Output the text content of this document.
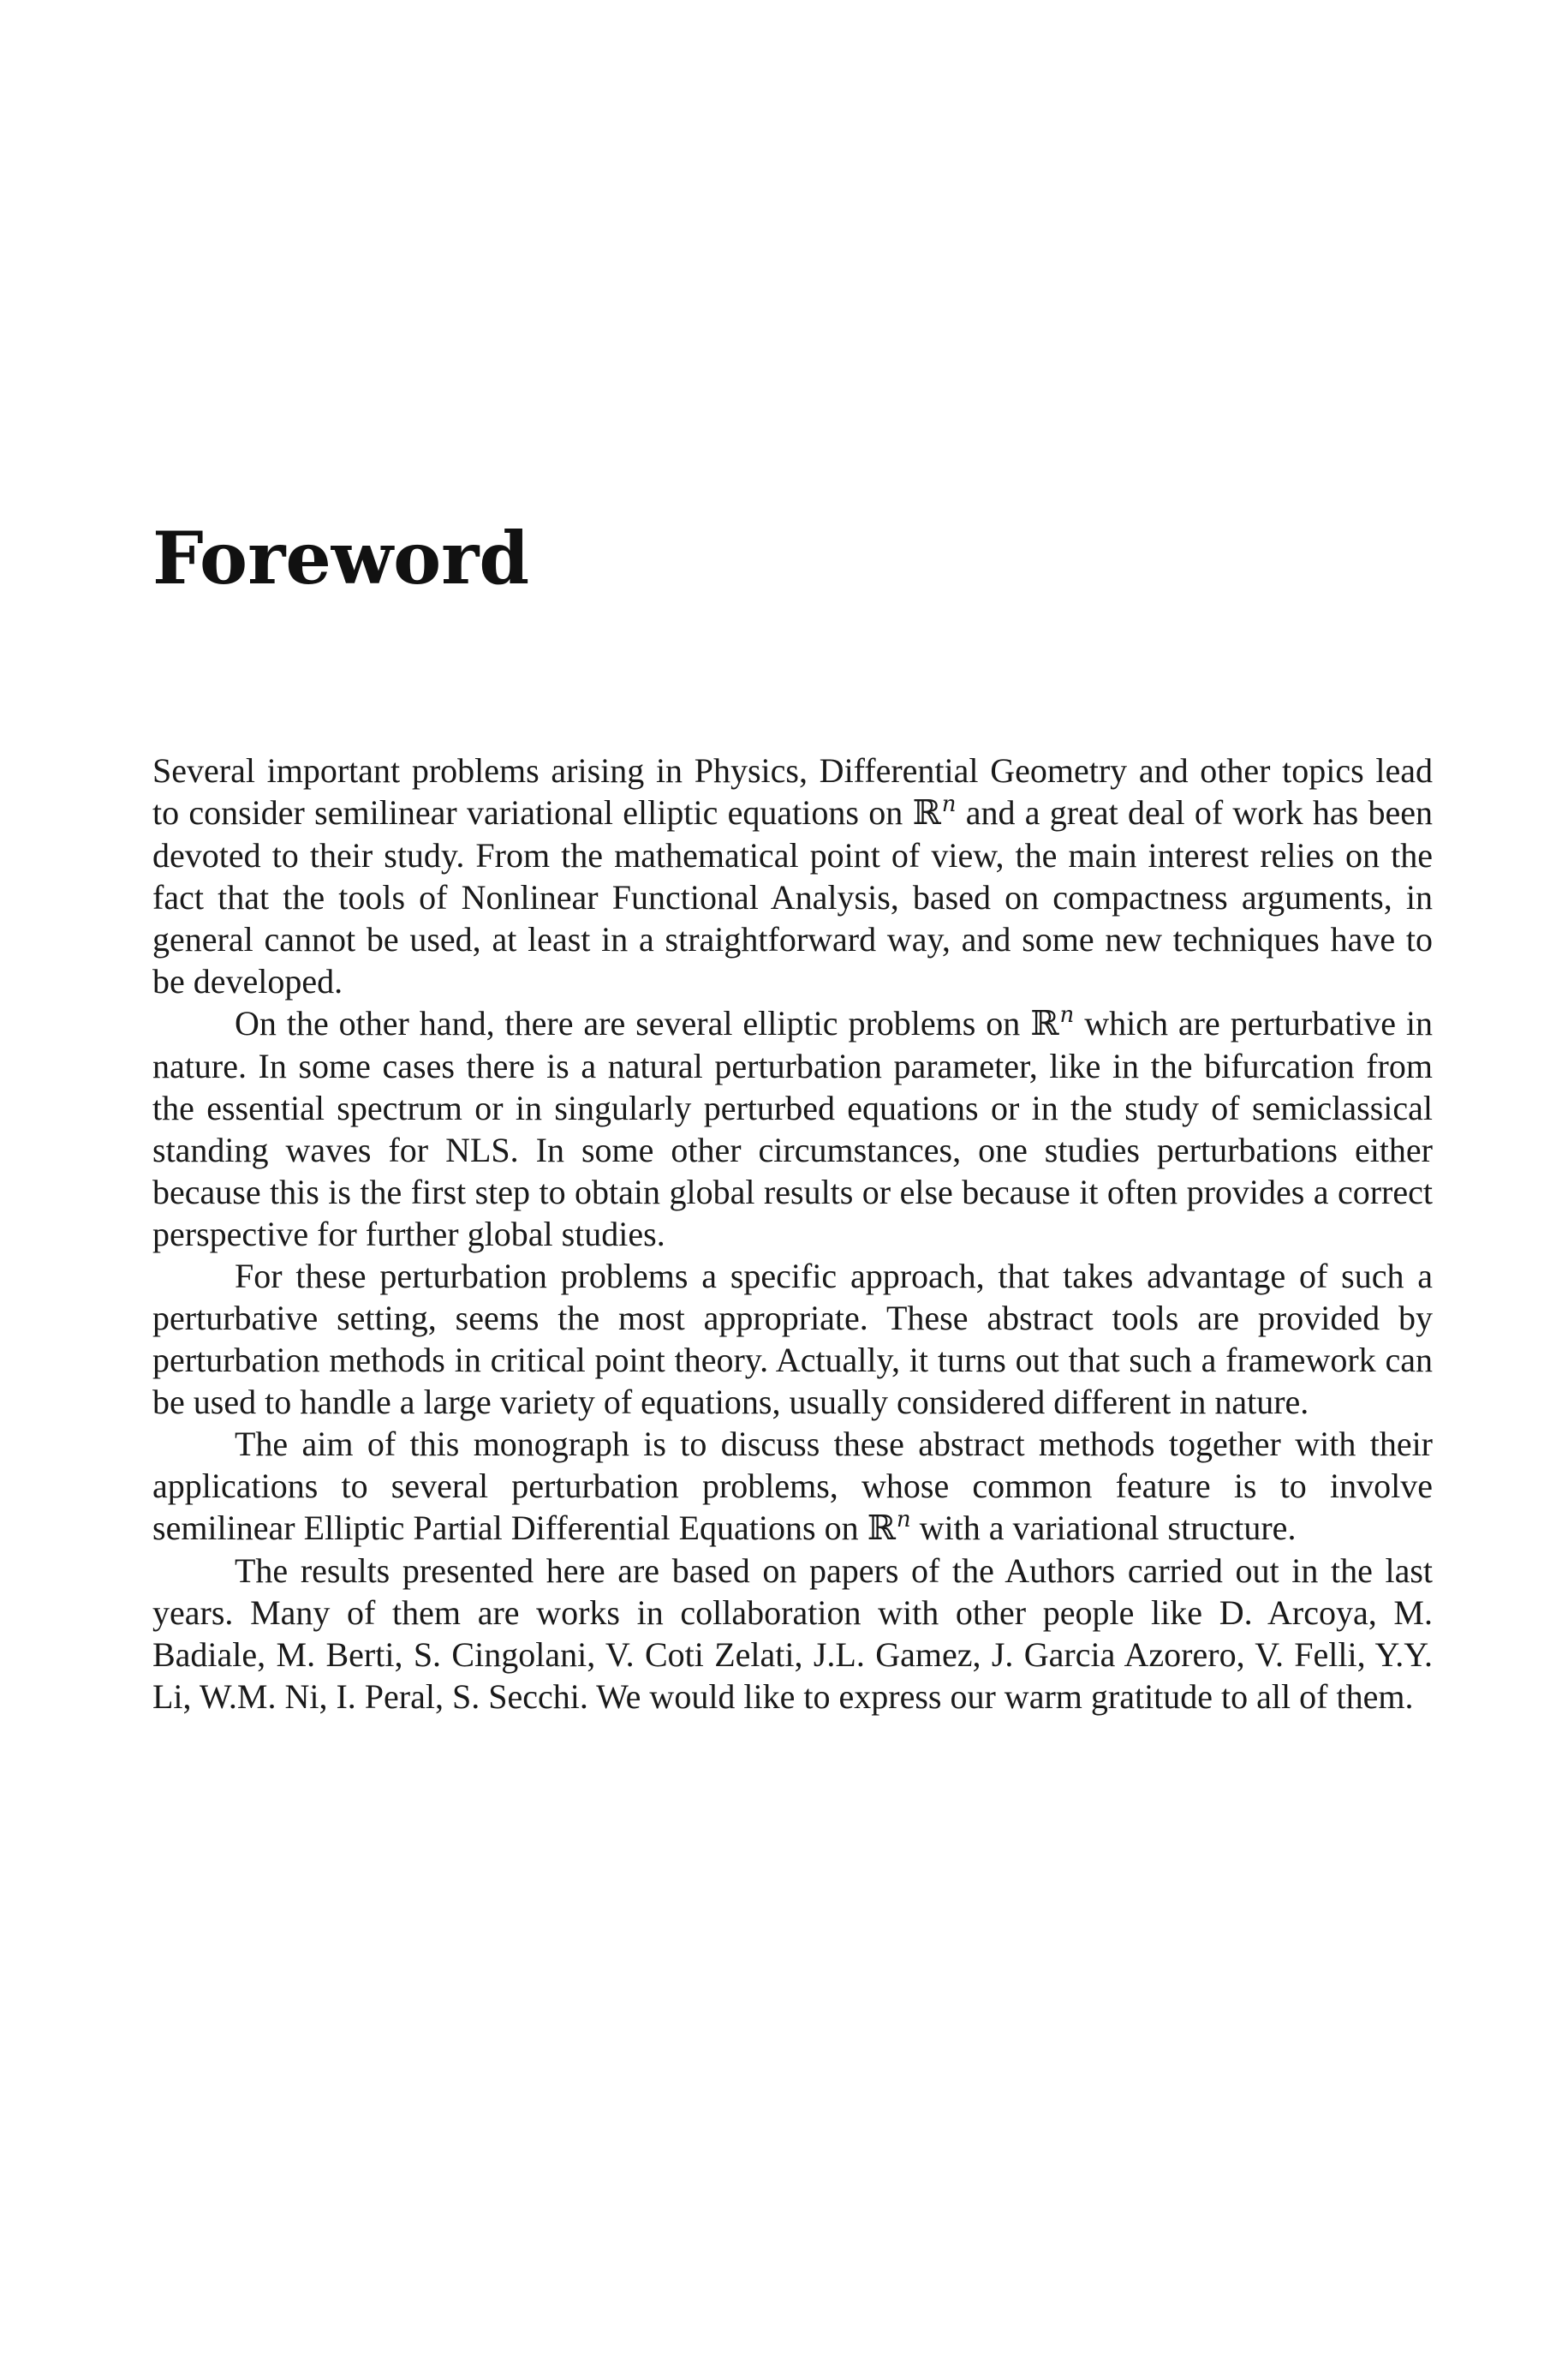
Foreword

Several important problems arising in Physics, Differential Geometry and other topics lead to consider semilinear variational elliptic equations on ℝ$^n$ and a great deal of work has been devoted to their study. From the mathematical point of view, the main interest relies on the fact that the tools of Nonlinear Functional Analysis, based on compactness arguments, in general cannot be used, at least in a straightforward way, and some new techniques have to be developed.

On the other hand, there are several elliptic problems on ℝ$^n$ which are perturbative in nature. In some cases there is a natural perturbation parameter, like in the bifurcation from the essential spectrum or in singularly perturbed equations or in the study of semiclassical standing waves for NLS. In some other circumstances, one studies perturbations either because this is the first step to obtain global results or else because it often provides a correct perspective for further global studies.

For these perturbation problems a specific approach, that takes advantage of such a perturbative setting, seems the most appropriate. These abstract tools are provided by perturbation methods in critical point theory. Actually, it turns out that such a framework can be used to handle a large variety of equations, usually considered different in nature.

The aim of this monograph is to discuss these abstract methods together with their applications to several perturbation problems, whose common feature is to involve semilinear Elliptic Partial Differential Equations on ℝ$^n$ with a variational structure.

The results presented here are based on papers of the Authors carried out in the last years. Many of them are works in collaboration with other people like D. Arcoya, M. Badiale, M. Berti, S. Cingolani, V. Coti Zelati, J.L. Gamez, J. Garcia Azorero, V. Felli, Y.Y. Li, W.M. Ni, I. Peral, S. Secchi. We would like to express our warm gratitude to all of them.
